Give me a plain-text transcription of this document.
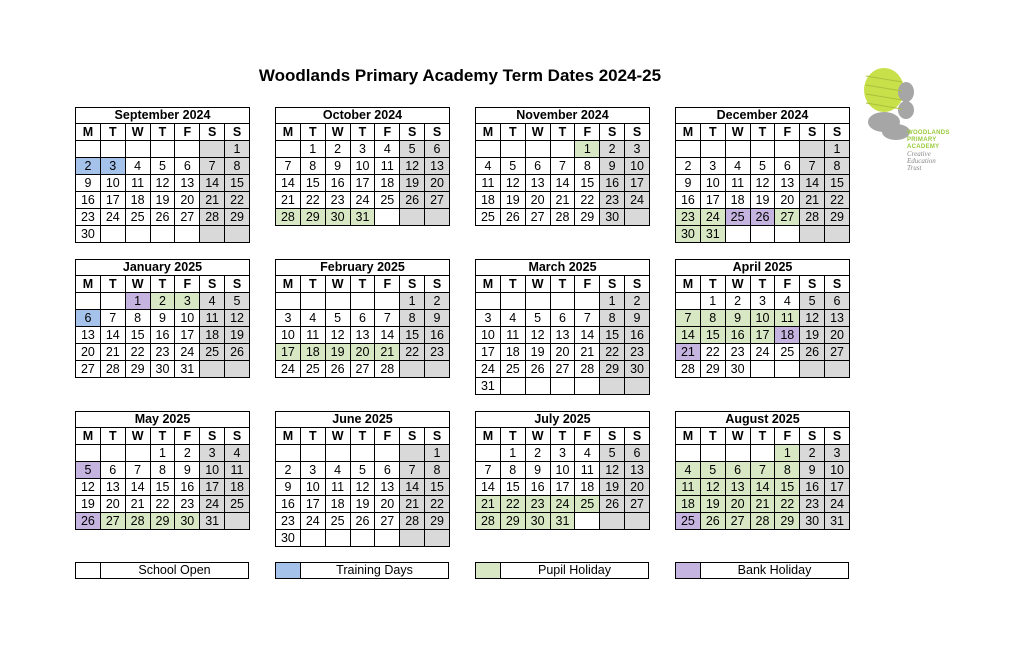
Woodlands Primary Academy Term Dates 2024-25
WOODLANDS
PRIMARY
ACADEMY
Creative
Education
Trust
September 2024
M	T	W	T	F	S	S
						1
2	3	4	5	6	7	8
9	10	11	12	13	14	15
16	17	18	19	20	21	22
23	24	25	26	27	28	29
30						
October 2024
M	T	W	T	F	S	S
	1	2	3	4	5	6
7	8	9	10	11	12	13
14	15	16	17	18	19	20
21	22	23	24	25	26	27
28	29	30	31			
November 2024
M	T	W	T	F	S	S
				1	2	3
4	5	6	7	8	9	10
11	12	13	14	15	16	17
18	19	20	21	22	23	24
25	26	27	28	29	30	
December 2024
M	T	W	T	F	S	S
						1
2	3	4	5	6	7	8
9	10	11	12	13	14	15
16	17	18	19	20	21	22
23	24	25	26	27	28	29
30	31					
January 2025
M	T	W	T	F	S	S
		1	2	3	4	5
6	7	8	9	10	11	12
13	14	15	16	17	18	19
20	21	22	23	24	25	26
27	28	29	30	31		
February 2025
M	T	W	T	F	S	S
					1	2
3	4	5	6	7	8	9
10	11	12	13	14	15	16
17	18	19	20	21	22	23
24	25	26	27	28		
March 2025
M	T	W	T	F	S	S
					1	2
3	4	5	6	7	8	9
10	11	12	13	14	15	16
17	18	19	20	21	22	23
24	25	26	27	28	29	30
31						
April 2025
M	T	W	T	F	S	S
	1	2	3	4	5	6
7	8	9	10	11	12	13
14	15	16	17	18	19	20
21	22	23	24	25	26	27
28	29	30				
May 2025
M	T	W	T	F	S	S
			1	2	3	4
5	6	7	8	9	10	11
12	13	14	15	16	17	18
19	20	21	22	23	24	25
26	27	28	29	30	31	
June 2025
M	T	W	T	F	S	S
						1
2	3	4	5	6	7	8
9	10	11	12	13	14	15
16	17	18	19	20	21	22
23	24	25	26	27	28	29
30						
July 2025
M	T	W	T	F	S	S
	1	2	3	4	5	6
7	8	9	10	11	12	13
14	15	16	17	18	19	20
21	22	23	24	25	26	27
28	29	30	31			
August 2025
M	T	W	T	F	S	S
				1	2	3
4	5	6	7	8	9	10
11	12	13	14	15	16	17
18	19	20	21	22	23	24
25	26	27	28	29	30	31
School Open	Training Days	Pupil Holiday	Bank Holiday
